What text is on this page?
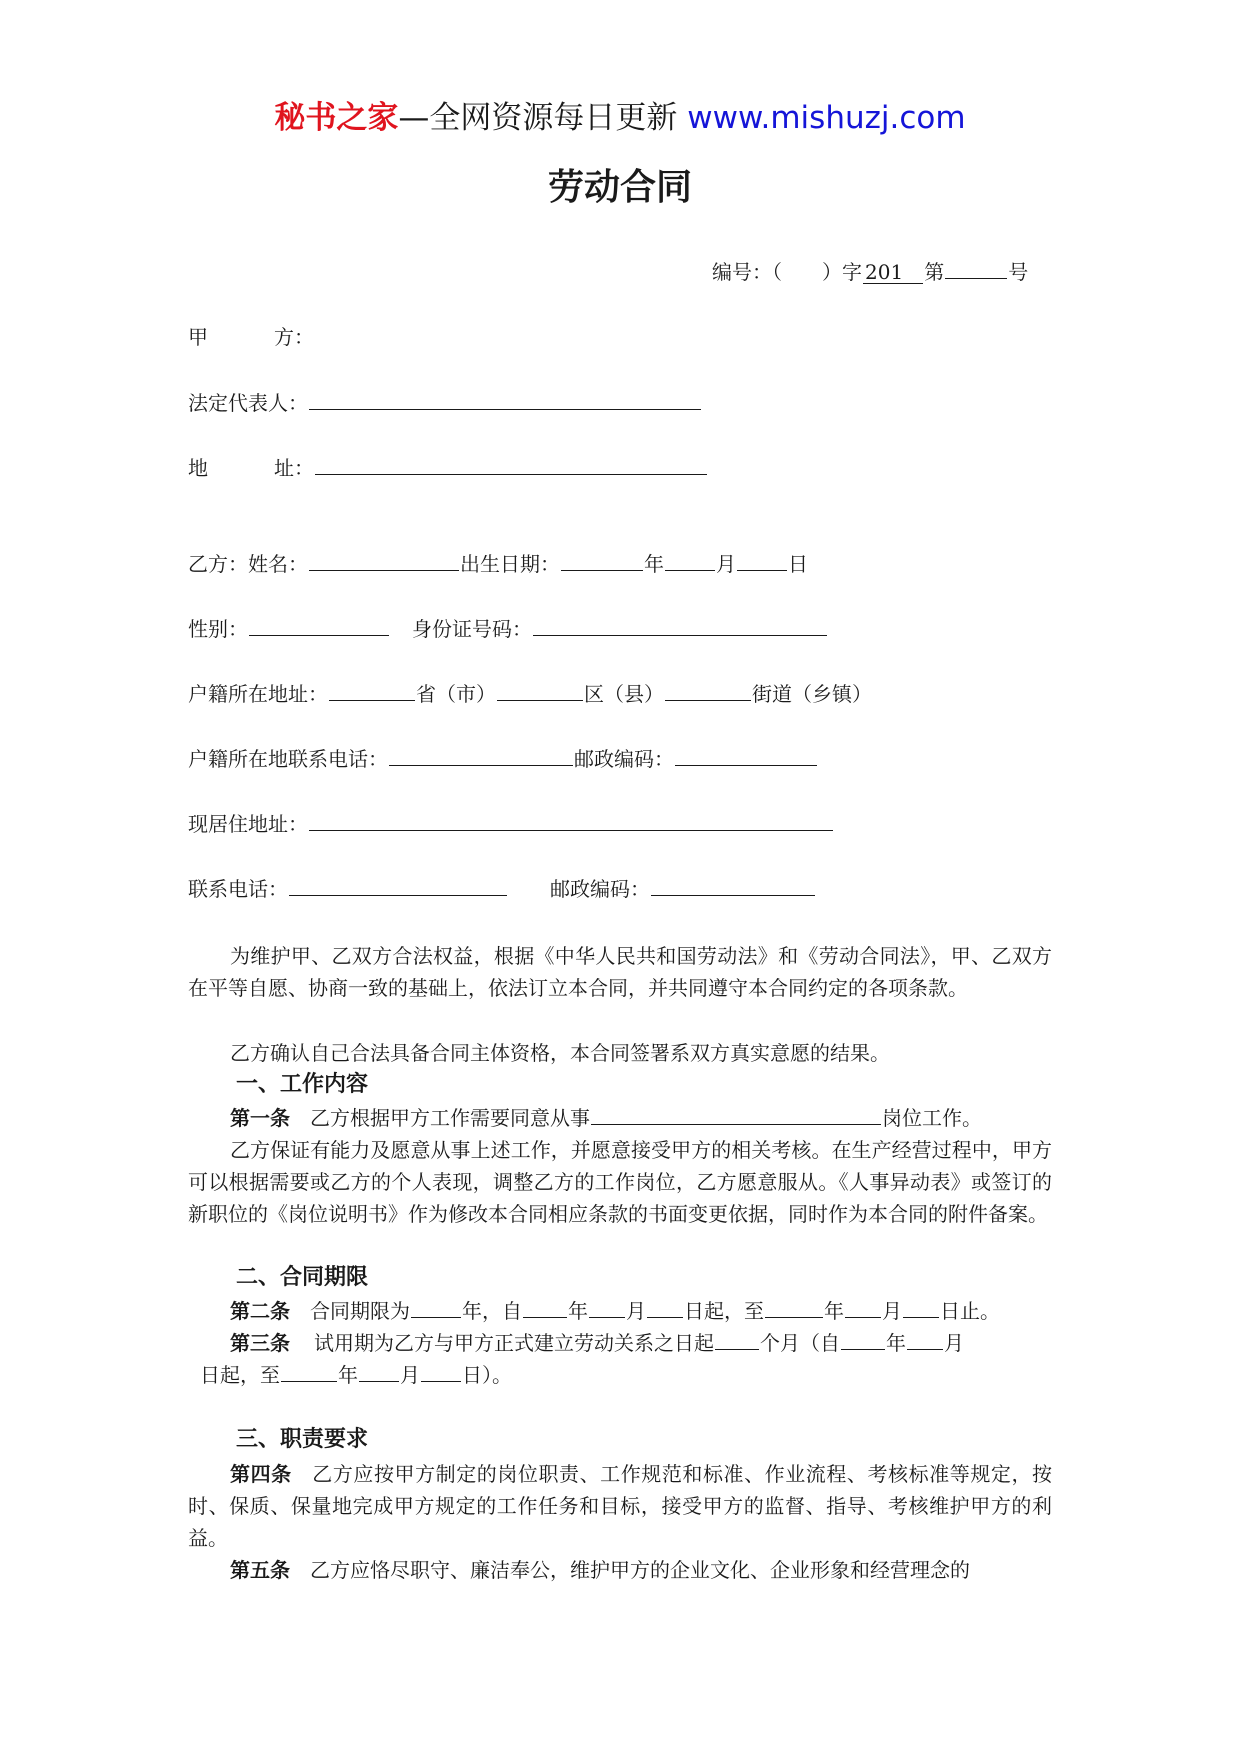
秘书之家—全网资源每日更新 www.mishuzj.com
劳动合同
编号：（ ）字 201 第	号
甲	方：
法定代表人：
地	址：
乙方：姓名：	出生日期：	年	月	日
性别：	身份证号码：
户籍所在地址：	省（市）	区（县）	街道（乡镇）
户籍所在地联系电话：	邮政编码：
现居住地址：
联系电话：	邮政编码：
为维护甲、乙双方合法权益，根据《中华人民共和国劳动法》和《劳动合同法》，甲、乙双方在平等自愿、协商一致的基础上，依法订立本合同，并共同遵守本合同约定的各项条款。
乙方确认自己合法具备合同主体资格，本合同签署系双方真实意愿的结果。
一、工作内容
第一条 乙方根据甲方工作需要同意从事	岗位工作。
乙方保证有能力及愿意从事上述工作，并愿意接受甲方的相关考核。在生产经营过程中，甲方可以根据需要或乙方的个人表现，调整乙方的工作岗位，乙方愿意服从。《人事异动表》或签订的新职位的《岗位说明书》作为修改本合同相应条款的书面变更依据，同时作为本合同的附件备案。
二、合同期限
第二条 合同期限为	年，自 年 月 日起，至	年 月 日止。
第三条 试用期为乙方与甲方正式建立劳动关系之日起 个月（自 年 月
日起，至	年 月 日）。
三、职责要求
第四条 乙方应按甲方制定的岗位职责、工作规范和标准、作业流程、考核标准等规定，按时、保质、保量地完成甲方规定的工作任务和目标，接受甲方的监督、指导、考核维护甲方的利益。
第五条 乙方应恪尽职守、廉洁奉公，维护甲方的企业文化、企业形象和经营理念的
